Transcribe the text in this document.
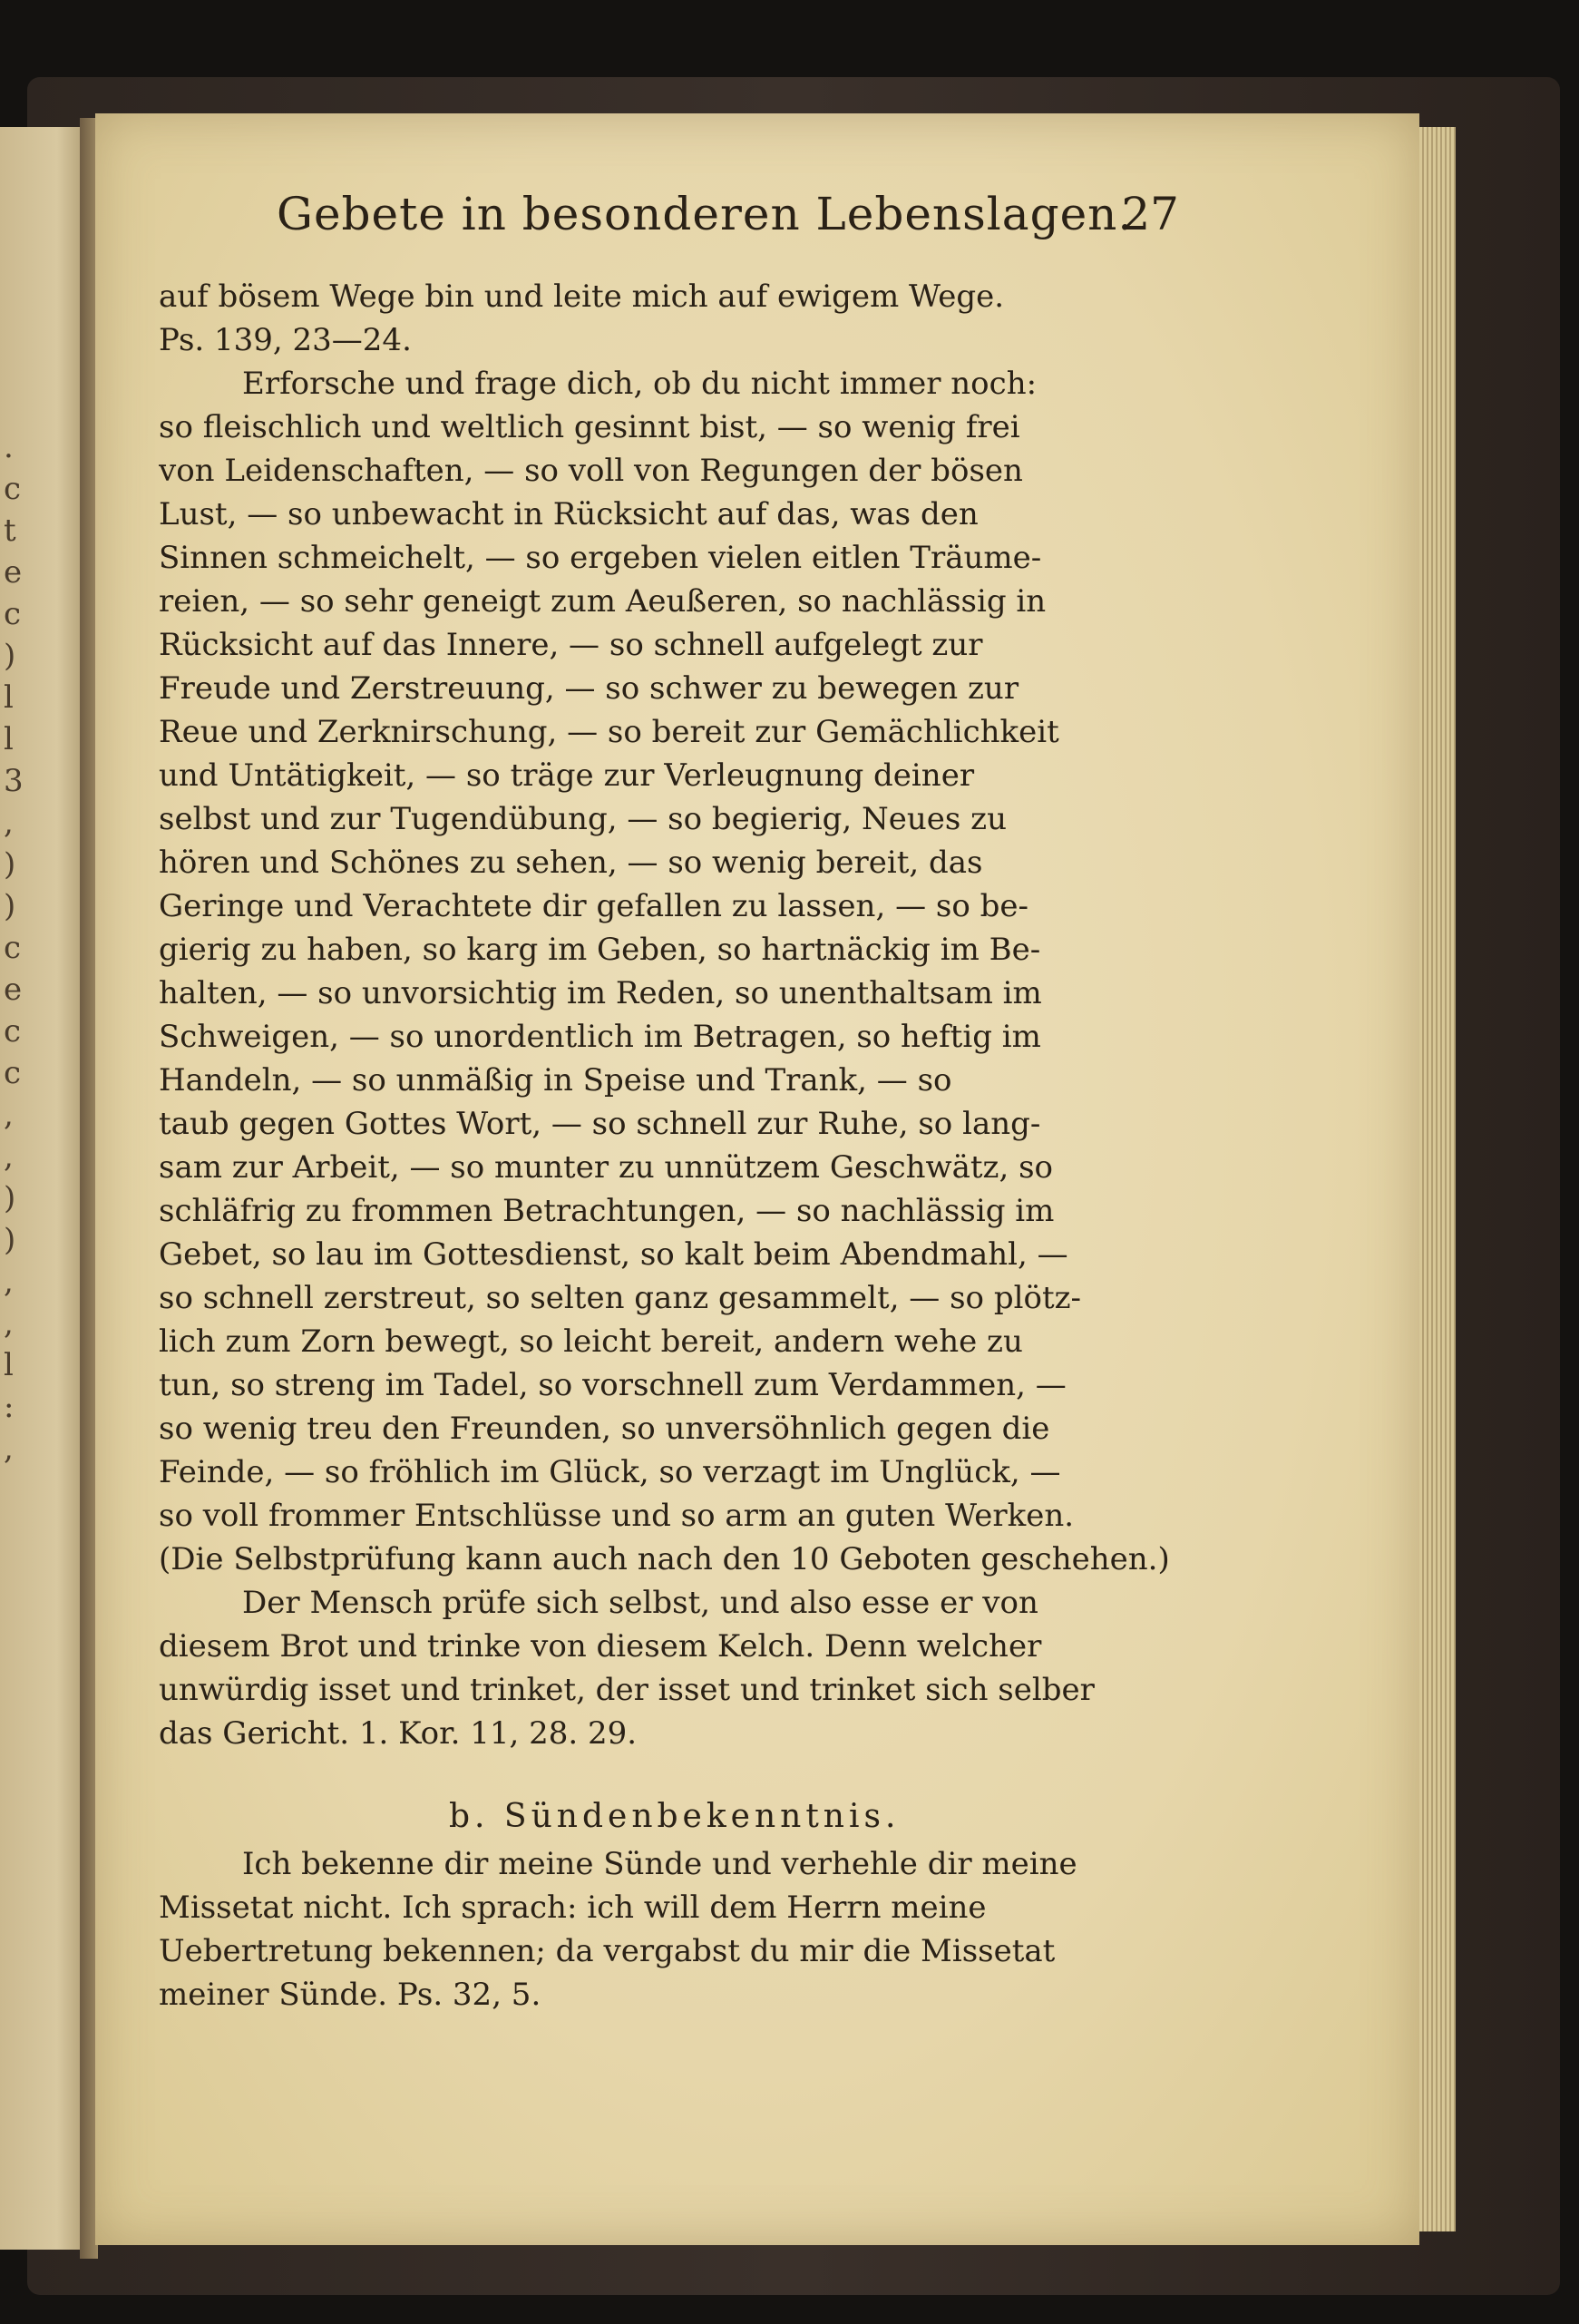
. c t e c ) l l 3 , ) ) c e c c , , ) ) , , l : ,
Gebete in besonderen Lebenslagen.
27
auf bösem Wege bin und leite mich auf ewigem Wege.
Ps. 139, 23—24.
Erforsche und frage dich, ob du nicht immer noch:
so fleischlich und weltlich gesinnt bist, — so wenig frei
von Leidenschaften, — so voll von Regungen der bösen
Lust, — so unbewacht in Rücksicht auf das, was den
Sinnen schmeichelt, — so ergeben vielen eitlen Träume-
reien, — so sehr geneigt zum Aeußeren, so nachlässig in
Rücksicht auf das Innere, — so schnell aufgelegt zur
Freude und Zerstreuung, — so schwer zu bewegen zur
Reue und Zerknirschung, — so bereit zur Gemächlichkeit
und Untätigkeit, — so träge zur Verleugnung deiner
selbst und zur Tugendübung, — so begierig, Neues zu
hören und Schönes zu sehen, — so wenig bereit, das
Geringe und Verachtete dir gefallen zu lassen, — so be-
gierig zu haben, so karg im Geben, so hartnäckig im Be-
halten, — so unvorsichtig im Reden, so unenthaltsam im
Schweigen, — so unordentlich im Betragen, so heftig im
Handeln, — so unmäßig in Speise und Trank, — so
taub gegen Gottes Wort, — so schnell zur Ruhe, so lang-
sam zur Arbeit, — so munter zu unnützem Geschwätz, so
schläfrig zu frommen Betrachtungen, — so nachlässig im
Gebet, so lau im Gottesdienst, so kalt beim Abendmahl, —
so schnell zerstreut, so selten ganz gesammelt, — so plötz-
lich zum Zorn bewegt, so leicht bereit, andern wehe zu
tun, so streng im Tadel, so vorschnell zum Verdammen, —
so wenig treu den Freunden, so unversöhnlich gegen die
Feinde, — so fröhlich im Glück, so verzagt im Unglück, —
so voll frommer Entschlüsse und so arm an guten Werken.
(Die Selbstprüfung kann auch nach den 10 Geboten geschehen.)
Der Mensch prüfe sich selbst, und also esse er von
diesem Brot und trinke von diesem Kelch. Denn welcher
unwürdig isset und trinket, der isset und trinket sich selber
das Gericht. 1. Kor. 11, 28. 29.
b. Sündenbekenntnis.
Ich bekenne dir meine Sünde und verhehle dir meine
Missetat nicht. Ich sprach: ich will dem Herrn meine
Uebertretung bekennen; da vergabst du mir die Missetat
meiner Sünde. Ps. 32, 5.
